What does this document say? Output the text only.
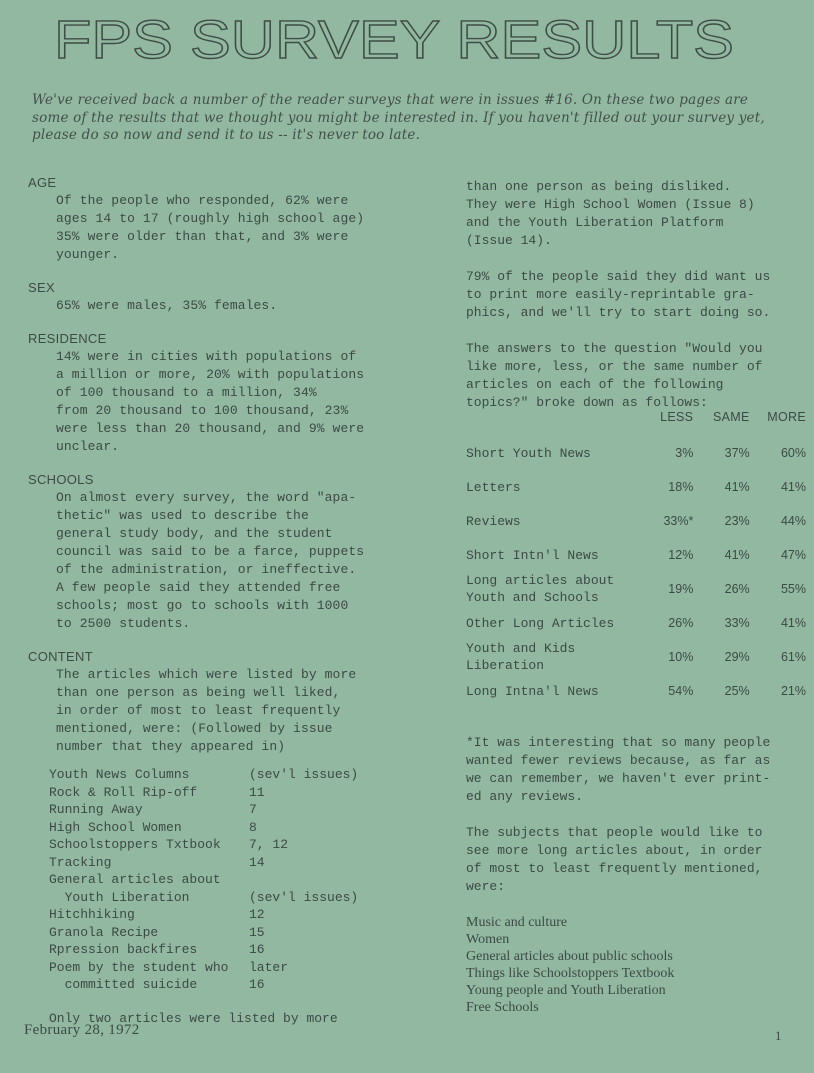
FPS SURVEY RESULTS
We've received back a number of the reader surveys that were in issues #16. On these two pages are some of the results that we thought you might be interested in. If you haven't filled out your survey yet, please do so now and send it to us -- it's never too late.
AGE
Of the people who responded, 62% were
ages 14 to 17 (roughly high school age)
35% were older than that, and 3% were
younger.
SEX
65% were males, 35% females.
RESIDENCE
14% were in cities with populations of
a million or more, 20% with populations
of 100 thousand to a million, 34%
from 20 thousand to 100 thousand, 23%
were less than 20 thousand, and 9% were
unclear.
SCHOOLS
On almost every survey, the word "apa-
thetic" was used to describe the
general study body, and the student
council was said to be a farce, puppets
of the administration, or ineffective.
A few people said they attended free
schools; most go to schools with 1000
to 2500 students.
CONTENT
The articles which were listed by more
than one person as being well liked,
in order of most to least frequently
mentioned, were: (Followed by issue
number that they appeared in)
Youth News Columns	(sev'l issues)
Rock & Roll Rip-off	11
Running Away	7
High School Women	8
Schoolstoppers Txtbook	7, 12
Tracking	14
General articles about
Youth Liberation	(sev'l issues)
Hitchhiking	12
Granola Recipe	15
Rpression backfires	16
Poem by the student who	later
committed suicide	16
Only two articles were listed by more
than one person as being disliked.
They were High School Women (Issue 8)
and the Youth Liberation Platform
(Issue 14).
79% of the people said they did want us
to print more easily-reprintable gra-
phics, and we'll try to start doing so.
The answers to the question "Would you
like more, less, or the same number of
articles on each of the following
topics?" broke down as follows:
	LESS	SAME	MORE
Short Youth News	3%	37%	60%
Letters	18%	41%	41%
Reviews	33%*	23%	44%
Short Intn'l News	12%	41%	47%
Long articles about
Youth and Schools	19%	26%	55%
Other Long Articles	26%	33%	41%
Youth and Kids
Liberation	10%	29%	61%
Long Intna'l News	54%	25%	21%
*It was interesting that so many people
wanted fewer reviews because, as far as
we can remember, we haven't ever print-
ed any reviews.
The subjects that people would like to
see more long articles about, in order
of most to least frequently mentioned,
were:
Music and culture
Women
General articles about public schools
Things like Schoolstoppers Textbook
Young people and Youth Liberation
Free Schools
February 28, 1972	1
